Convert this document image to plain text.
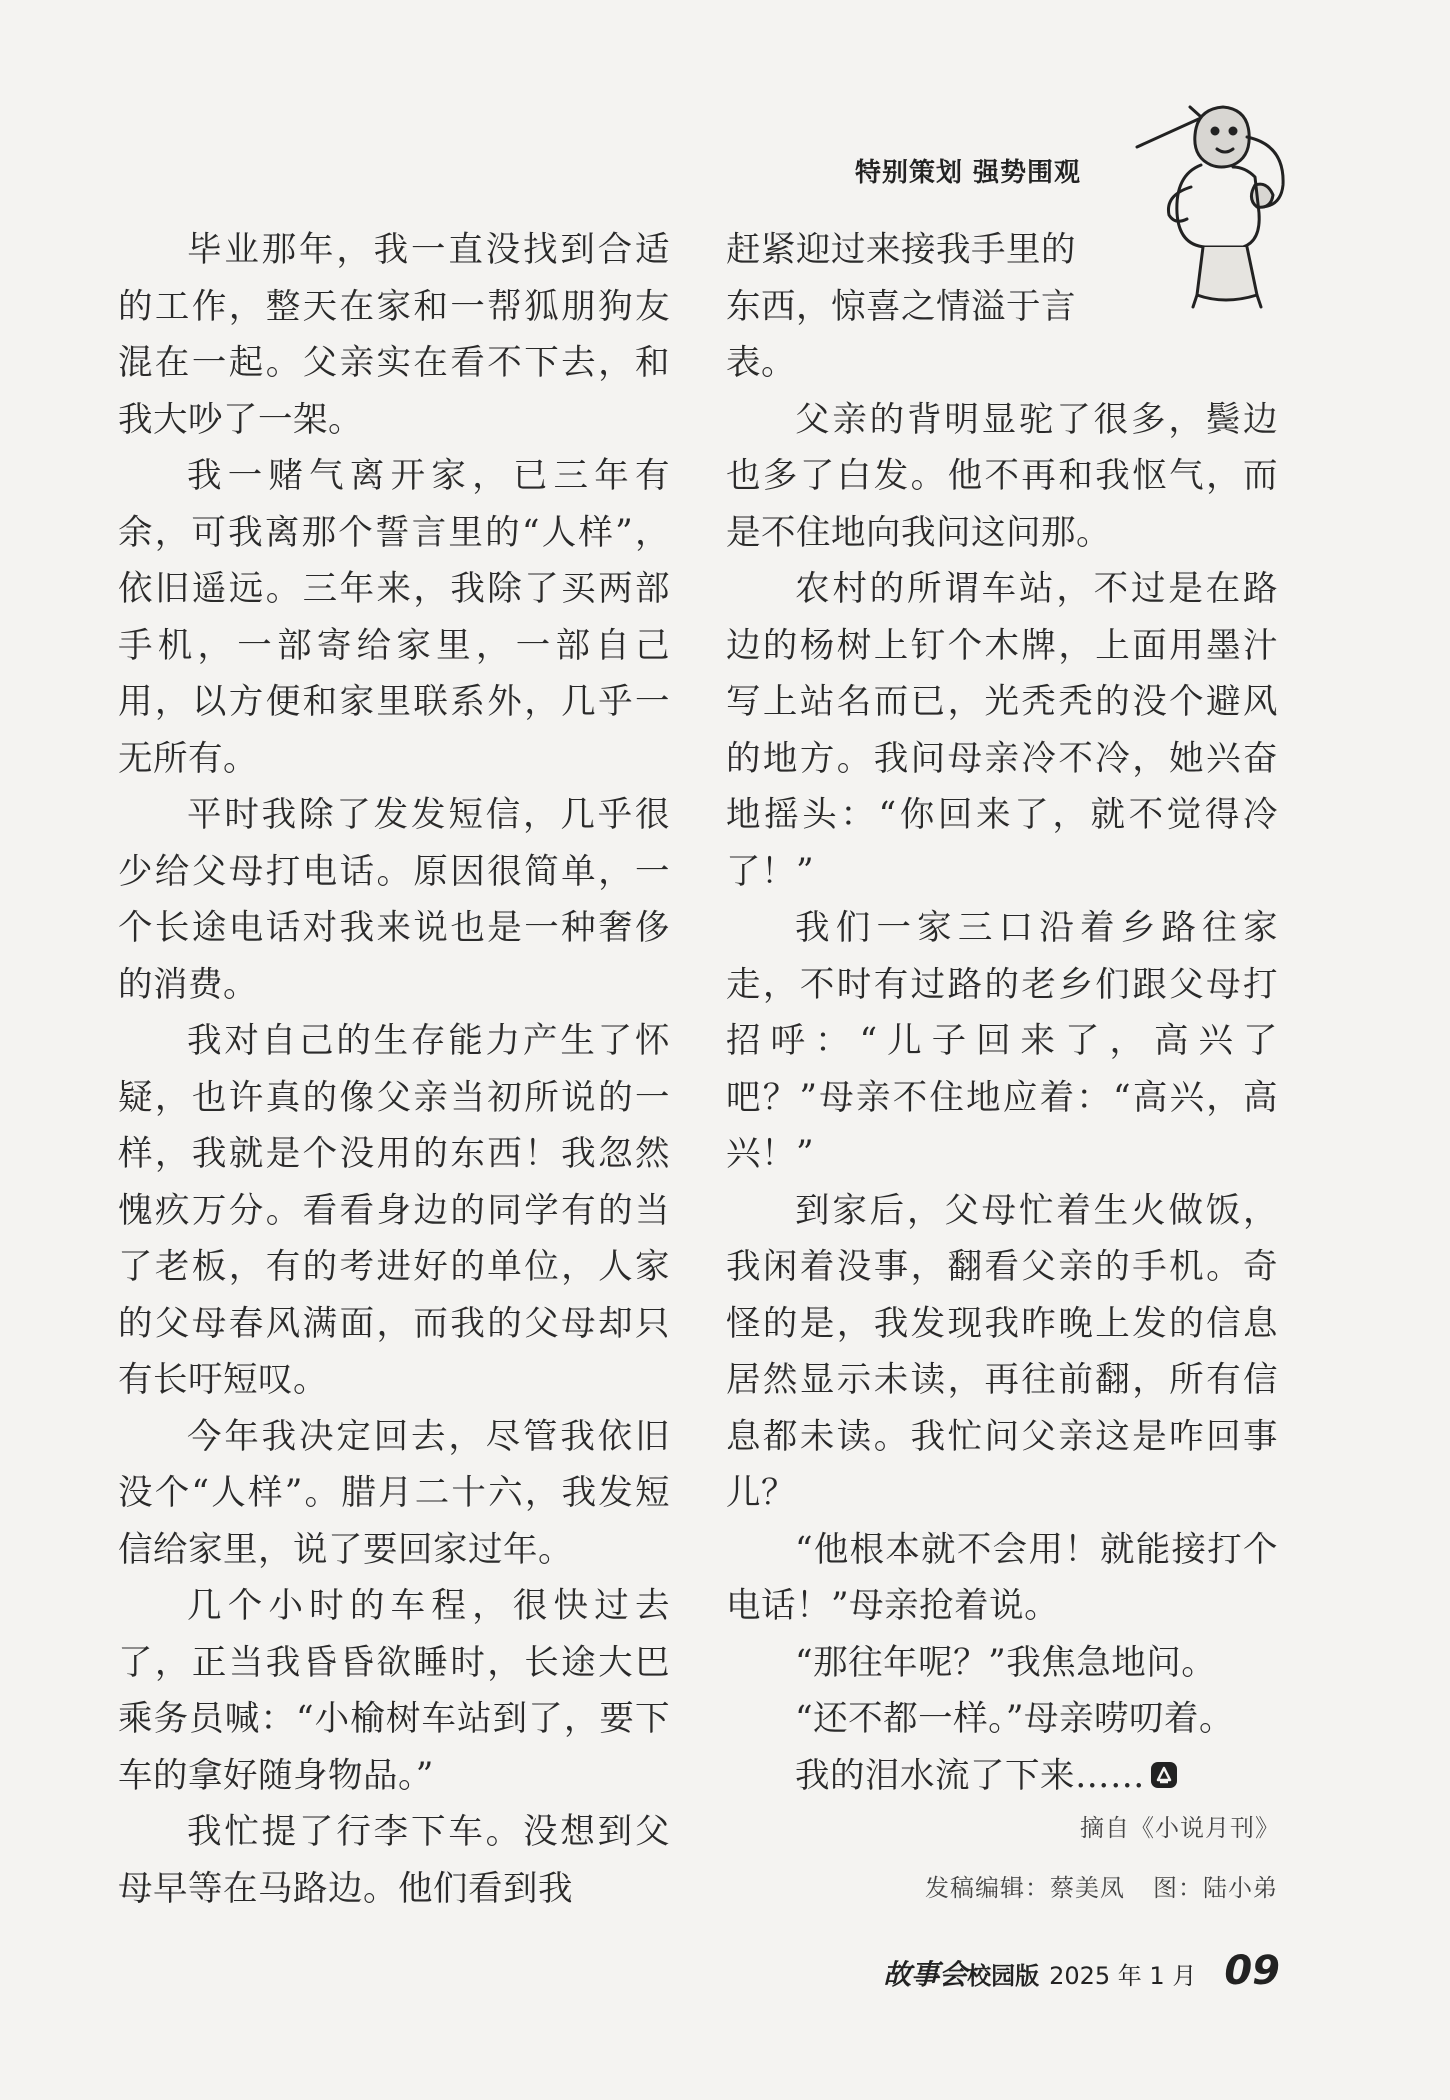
特别策划 强势围观

毕业那年，我一直没找到合适的工作，整天在家和一帮狐朋狗友混在一起。父亲实在看不下去，和我大吵了一架。

我一赌气离开家，已三年有余，可我离那个誓言里的“人样”，依旧遥远。三年来，我除了买两部手机，一部寄给家里，一部自己用，以方便和家里联系外，几乎一无所有。

平时我除了发发短信，几乎很少给父母打电话。原因很简单，一个长途电话对我来说也是一种奢侈的消费。

我对自己的生存能力产生了怀疑，也许真的像父亲当初所说的一样，我就是个没用的东西！我忽然愧疚万分。看看身边的同学有的当了老板，有的考进好的单位，人家的父母春风满面，而我的父母却只有长吁短叹。

今年我决定回去，尽管我依旧没个“人样”。腊月二十六，我发短信给家里，说了要回家过年。

几个小时的车程，很快过去了，正当我昏昏欲睡时，长途大巴乘务员喊：“小榆树车站到了，要下车的拿好随身物品。”

我忙提了行李下车。没想到父母早等在马路边。他们看到我

赶紧迎过来接我手里的

东西，惊喜之情溢于言

表。

父亲的背明显驼了很多，鬓边也多了白发。他不再和我怄气，而是不住地向我问这问那。

农村的所谓车站，不过是在路边的杨树上钉个木牌，上面用墨汁写上站名而已，光秃秃的没个避风的地方。我问母亲冷不冷，她兴奋地摇头：“你回来了，就不觉得冷了！”

我们一家三口沿着乡路往家走，不时有过路的老乡们跟父母打招呼：“儿子回来了，高兴了吧？”母亲不住地应着：“高兴，高兴！”

到家后，父母忙着生火做饭，我闲着没事，翻看父亲的手机。奇怪的是，我发现我昨晚上发的信息居然显示未读，再往前翻，所有信息都未读。我忙问父亲这是咋回事儿？

“他根本就不会用！就能接打个电话！”母亲抢着说。

“那往年呢？”我焦急地问。

“还不都一样。”母亲唠叨着。

我的泪水流了下来……

摘自《小说月刊》
发稿编辑：蔡美凤 图：陆小弟
故事会 校园版 2025 年 1 月 09
